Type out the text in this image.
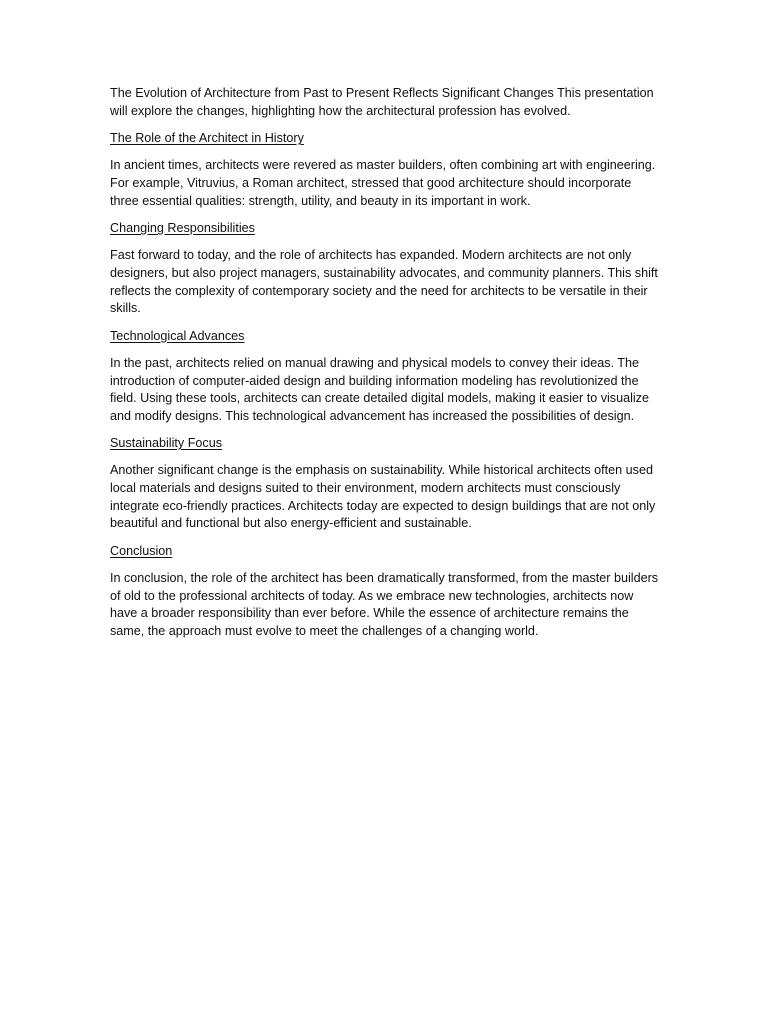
The Evolution of Architecture from Past to Present Reflects Significant Changes This presentation will explore the changes, highlighting how the architectural profession has evolved.

The Role of the Architect in History

In ancient times, architects were revered as master builders, often combining art with engineering. For example, Vitruvius, a Roman architect, stressed that good architecture should incorporate three essential qualities: strength, utility, and beauty in its important in work.

Changing Responsibilities

Fast forward to today, and the role of architects has expanded. Modern architects are not only designers, but also project managers, sustainability advocates, and community planners. This shift reflects the complexity of contemporary society and the need for architects to be versatile in their skills.

Technological Advances

In the past, architects relied on manual drawing and physical models to convey their ideas. The introduction of computer-aided design and building information modeling has revolutionized the field. Using these tools, architects can create detailed digital models, making it easier to visualize and modify designs. This technological advancement has increased the possibilities of design.

Sustainability Focus

Another significant change is the emphasis on sustainability. While historical architects often used local materials and designs suited to their environment, modern architects must consciously integrate eco-friendly practices. Architects today are expected to design buildings that are not only beautiful and functional but also energy-efficient and sustainable.

Conclusion

In conclusion, the role of the architect has been dramatically transformed, from the master builders of old to the professional architects of today. As we embrace new technologies, architects now have a broader responsibility than ever before. While the essence of architecture remains the same, the approach must evolve to meet the challenges of a changing world.
